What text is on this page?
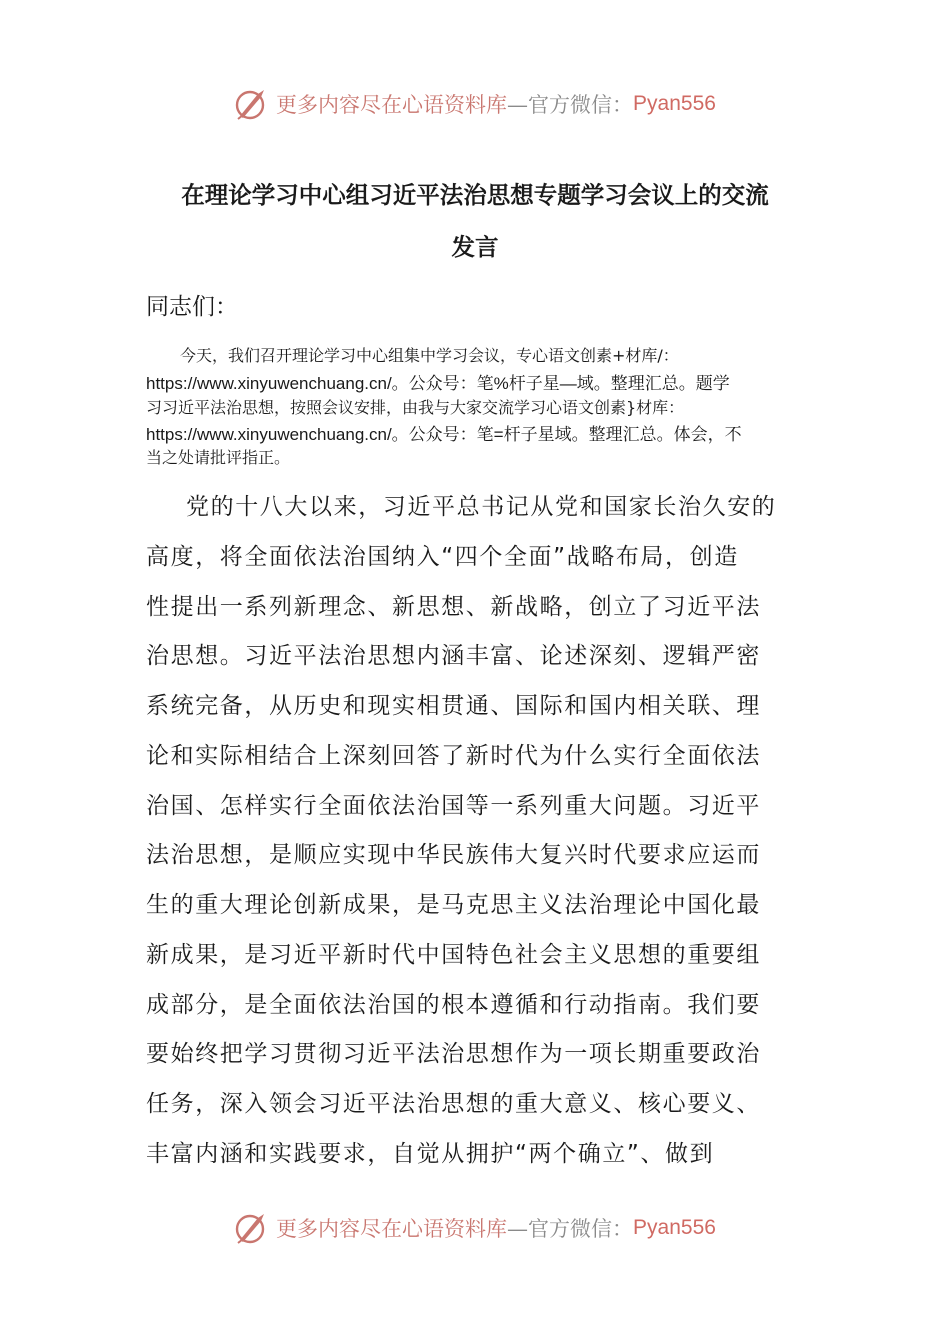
更多内容尽在心语资料库 —官方微信： Pyan556
在理论学习中心组习近平法治思想专题学习会议上的交流
发言
同志们：
今天，我们召开理论学习中心组集中学习会议，专心语文创素+材库/：
https://www.xinyuwenchuang.cn/。公众号：笔%杆子星—域。整理汇总。题学
习习近平法治思想，按照会议安排，由我与大家交流学习心语文创素}材库：
https://www.xinyuwenchuang.cn/。公众号：笔=杆子星域。整理汇总。体会，不
当之处请批评指正。
党的十八大以来，习近平总书记从党和国家长治久安的
高度，将全面依法治国纳入“四个全面”战略布局，创造
性提出一系列新理念、新思想、新战略，创立了习近平法
治思想。习近平法治思想内涵丰富、论述深刻、逻辑严密
系统完备，从历史和现实相贯通、国际和国内相关联、理
论和实际相结合上深刻回答了新时代为什么实行全面依法
治国、怎样实行全面依法治国等一系列重大问题。习近平
法治思想，是顺应实现中华民族伟大复兴时代要求应运而
生的重大理论创新成果，是马克思主义法治理论中国化最
新成果，是习近平新时代中国特色社会主义思想的重要组
成部分，是全面依法治国的根本遵循和行动指南。我们要
要始终把学习贯彻习近平法治思想作为一项长期重要政治
任务，深入领会习近平法治思想的重大意义、核心要义、
丰富内涵和实践要求，自觉从拥护“两个确立”、做到
更多内容尽在心语资料库 —官方微信： Pyan556
